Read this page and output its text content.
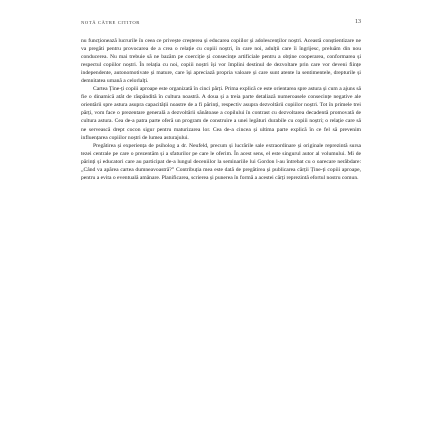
NOTĂ CĂTRE CITITOR	13

nu funcționează lucrurile în ceea ce privește creșterea și educarea copiilor și adolescenților noștri. Această conștientizare ne va pregăti pentru provocarea de a crea o relație cu copiii noștri, în care noi, adulții care îi îngrijesc, preluăm din nou conducerea. Nu mai trebuie să ne bazăm pe coerciție și consecințe artificiale pentru a obține cooperarea, conformarea și respectul copiilor noștri. În relația cu noi, copiii noștri își vor împlini destinul de dezvoltare prin care vor deveni ființe independente, autonomotivate și mature, care își apreciază propria valoare și care sunt atente la sentimentele, drepturile și demnitatea umană a celorlalți.

Cartea Ține-ți copiii aproape este organizată în cinci părți. Prima explică ce este orientarea spre astura și cum a ajuns să fie o dinamică atât de răspândită în cultura noastră. A doua și a treia parte detaliază numeroasele consecințe negative ale orientării spre astura asupra capacității noastre de a fi părinți, respectiv asupra dezvoltării copiilor noștri. Tot în primele trei părți, vom face o prezentare generală a dezvoltării sănătoase a copilului în contrast cu dezvoltarea decadentă promovată de cultura astura. Cea de-a patra parte oferă un program de construire a unei legături durabile cu copiii noștri; o relație care să ne servească drept cocon sigur pentru maturizarea lor. Cea de-a cincea și ultima parte explică în ce fel să prevenim influențarea copiilor noștri de lumea asturajului.

Pregătirea și experiența de psiholog a dr. Neufeld, precum și lucrările sale extraordinare și originale reprezintă sursa tezei centrale pe care o prezentăm și a sfaturilor pe care le oferim. În acest sens, el este singurul autor al volumului. Mi de părinți și educatori care au participat de-a lungul deceniilor la seminariile lui Gordon l-au întrebat cu o oarecare nerăbdare: „Când va apărea cartea dumneavoastră?” Contribuția mea este dată de pregătirea și publicarea cărții Ține-ți copiii aproape, pentru a evita o eventuală amânare. Planificarea, scrierea și punerea în formă a acestei cărți reprezintă efortul nostru comun.
